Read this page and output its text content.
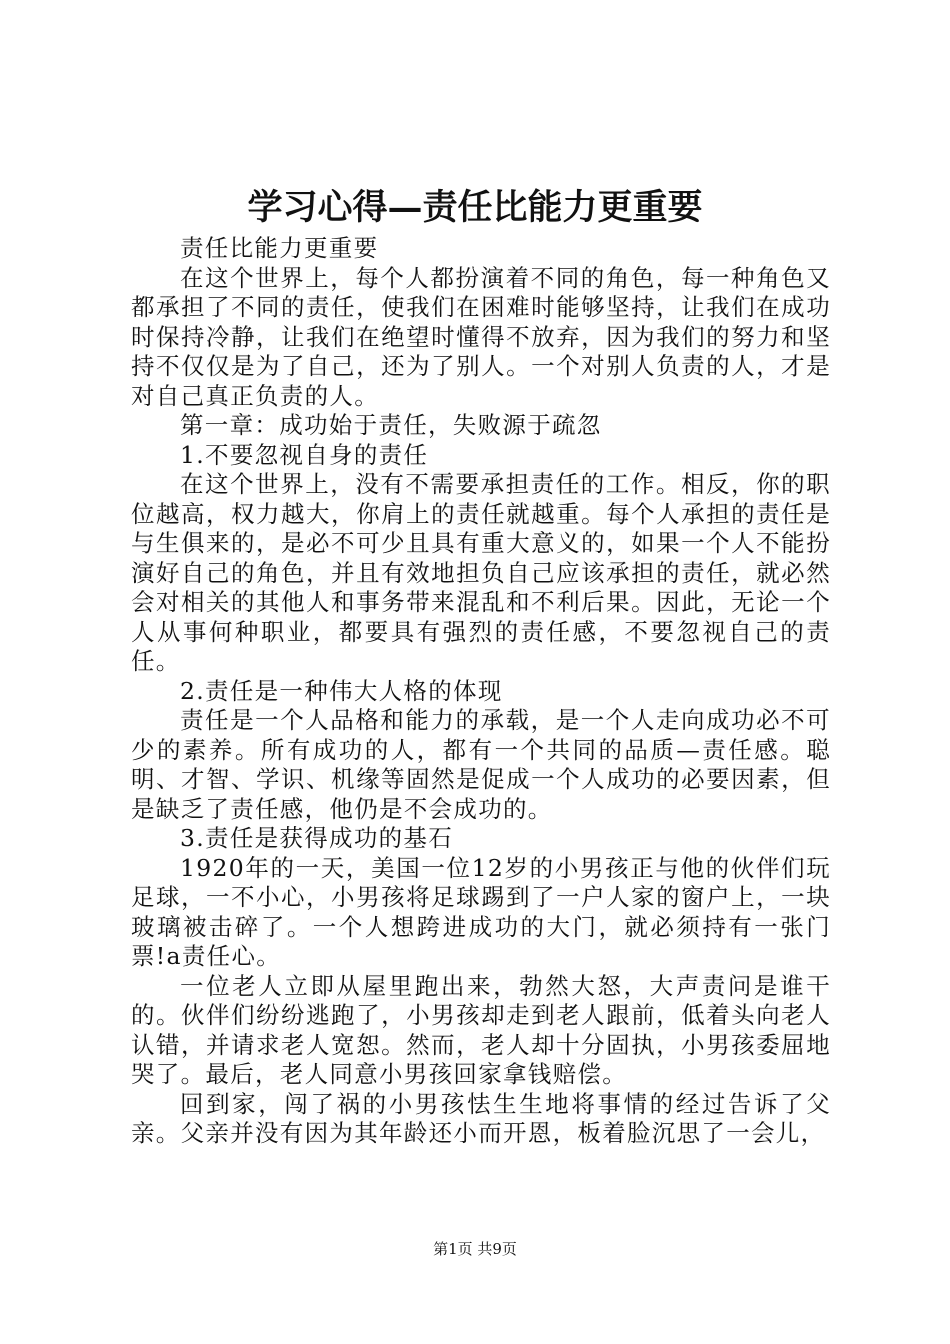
学习心得—责任比能力更重要

责任比能力更重要

在这个世界上，每个人都扮演着不同的角色，每一种角色又都承担了不同的责任，使我们在困难时能够坚持，让我们在成功时保持冷静，让我们在绝望时懂得不放弃，因为我们的努力和坚持不仅仅是为了自己，还为了别人。一个对别人负责的人，才是对自己真正负责的人。

第一章：成功始于责任，失败源于疏忽

1.不要忽视自身的责任

在这个世界上，没有不需要承担责任的工作。相反，你的职位越高，权力越大，你肩上的责任就越重。每个人承担的责任是与生俱来的，是必不可少且具有重大意义的，如果一个人不能扮演好自己的角色，并且有效地担负自己应该承担的责任，就必然会对相关的其他人和事务带来混乱和不利后果。因此，无论一个人从事何种职业，都要具有强烈的责任感，不要忽视自己的责任。

2.责任是一种伟大人格的体现

责任是一个人品格和能力的承载，是一个人走向成功必不可少的素养。所有成功的人，都有一个共同的品质—责任感。聪明、才智、学识、机缘等固然是促成一个人成功的必要因素，但是缺乏了责任感，他仍是不会成功的。

3.责任是获得成功的基石

1920年的一天，美国一位12岁的小男孩正与他的伙伴们玩足球，一不小心，小男孩将足球踢到了一户人家的窗户上，一块玻璃被击碎了。一个人想跨进成功的大门，就必须持有一张门票!a责任心。

一位老人立即从屋里跑出来，勃然大怒，大声责问是谁干的。伙伴们纷纷逃跑了，小男孩却走到老人跟前，低着头向老人认错，并请求老人宽恕。然而，老人却十分固执，小男孩委屈地哭了。最后，老人同意小男孩回家拿钱赔偿。

回到家，闯了祸的小男孩怯生生地将事情的经过告诉了父亲。父亲并没有因为其年龄还小而开恩，板着脸沉思了一会儿，

第1页 共9页
